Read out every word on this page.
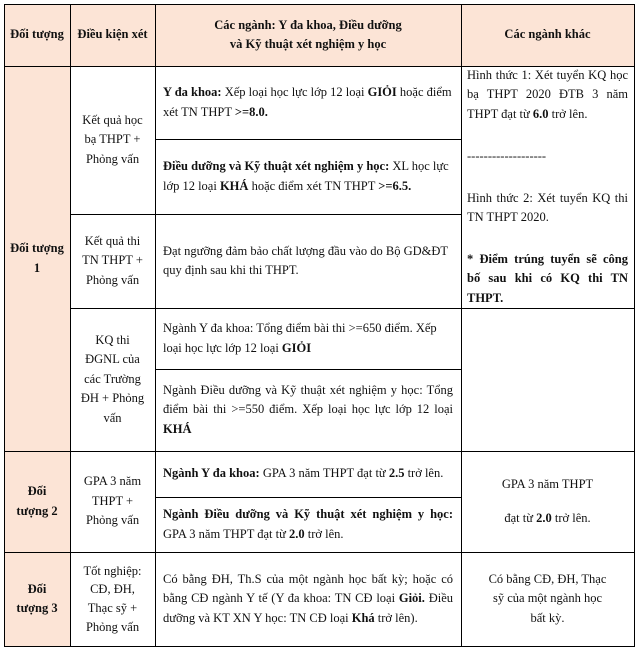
Đối tượng Điều kiện xét
Các ngành: Y đa khoa, Điều dưỡng
và Kỹ thuật xét nghiệm y học
Các ngành khác
Đối tượng
1
Kết quả học bạ THPT + Phỏng vấn
Kết quả thi TN THPT + Phỏng vấn
KQ thi ĐGNL của các Trường ĐH + Phỏng vấn

Y đa khoa: Xếp loại học lực lớp 12 loại GIỎI hoặc điểm xét TN THPT >=8.0.

Điều dưỡng và Kỹ thuật xét nghiệm y học: XL học lực lớp 12 loại KHÁ hoặc điểm xét TN THPT >=6.5.

Đạt ngưỡng đảm bảo chất lượng đầu vào do Bộ GD&ĐT quy định sau khi thi THPT.

Ngành Y đa khoa: Tổng điểm bài thi >=650 điểm. Xếp loại học lực lớp 12 loại GIỎI

Ngành Điều dưỡng và Kỹ thuật xét nghiệm y học: Tổng điểm bài thi >=550 điểm. Xếp loại học lực lớp 12 loại KHÁ

Hình thức 1: Xét tuyển KQ học bạ THPT 2020 ĐTB 3 năm THPT đạt từ 6.0 trở lên.

-------------------

Hình thức 2: Xét tuyển KQ thi TN THPT 2020.

* Điểm trúng tuyển sẽ công bố sau khi có KQ thi TN THPT.

Đối
tượng 2
GPA 3 năm THPT + Phỏng vấn

Ngành Y đa khoa: GPA 3 năm THPT đạt từ 2.5 trở lên.

Ngành Điều dưỡng và Kỹ thuật xét nghiệm y học: GPA 3 năm THPT đạt từ 2.0 trở lên.

GPA 3 năm THPT
đạt từ 2.0 trở lên.
Đối
tượng 3
Tốt nghiệp: CĐ, ĐH, Thạc sỹ + Phỏng vấn

Có bằng ĐH, Th.S của một ngành học bất kỳ; hoặc có bằng CĐ ngành Y tế (Y đa khoa: TN CĐ loại Giỏi. Điều dưỡng và KT XN Y học: TN CĐ loại Khá trở lên).

Có bằng CĐ, ĐH, Thạc sỹ của một ngành học bất kỳ.
